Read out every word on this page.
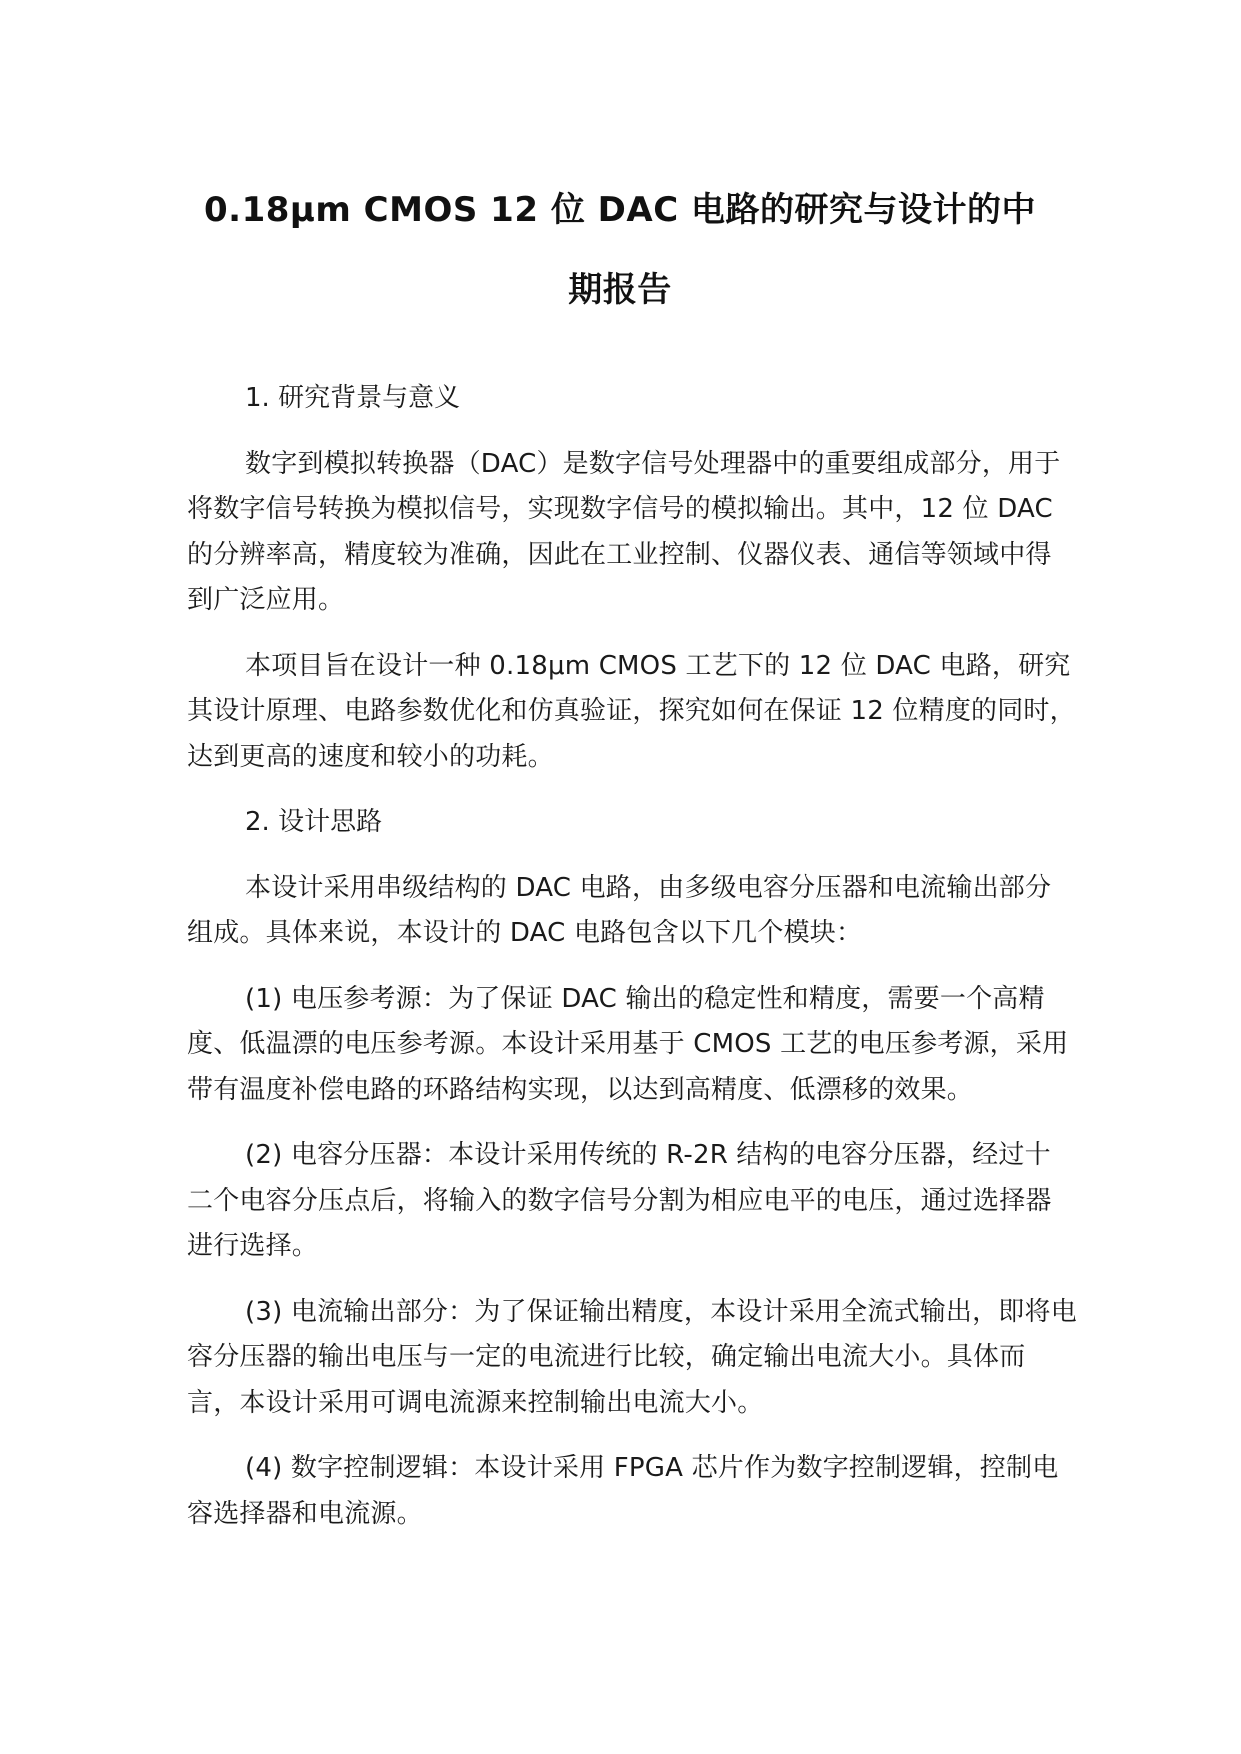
0.18μm CMOS 12 位 DAC 电路的研究与设计的中
期报告
1. 研究背景与意义

数字到模拟转换器（DAC）是数字信号处理器中的重要组成部分，用于将数字信号转换为模拟信号，实现数字信号的模拟输出。其中，12 位 DAC 的分辨率高，精度较为准确，因此在工业控制、仪器仪表、通信等领域中得到广泛应用。

本项目旨在设计一种 0.18μm CMOS 工艺下的 12 位 DAC 电路，研究其设计原理、电路参数优化和仿真验证，探究如何在保证 12 位精度的同时，达到更高的速度和较小的功耗。

2. 设计思路

本设计采用串级结构的 DAC 电路，由多级电容分压器和电流输出部分组成。具体来说，本设计的 DAC 电路包含以下几个模块：

(1) 电压参考源：为了保证 DAC 输出的稳定性和精度，需要一个高精度、低温漂的电压参考源。本设计采用基于 CMOS 工艺的电压参考源，采用带有温度补偿电路的环路结构实现，以达到高精度、低漂移的效果。

(2) 电容分压器：本设计采用传统的 R-2R 结构的电容分压器，经过十二个电容分压点后，将输入的数字信号分割为相应电平的电压，通过选择器进行选择。

(3) 电流输出部分：为了保证输出精度，本设计采用全流式输出，即将电容分压器的输出电压与一定的电流进行比较，确定输出电流大小。具体而言，本设计采用可调电流源来控制输出电流大小。

(4) 数字控制逻辑：本设计采用 FPGA 芯片作为数字控制逻辑，控制电容选择器和电流源。
